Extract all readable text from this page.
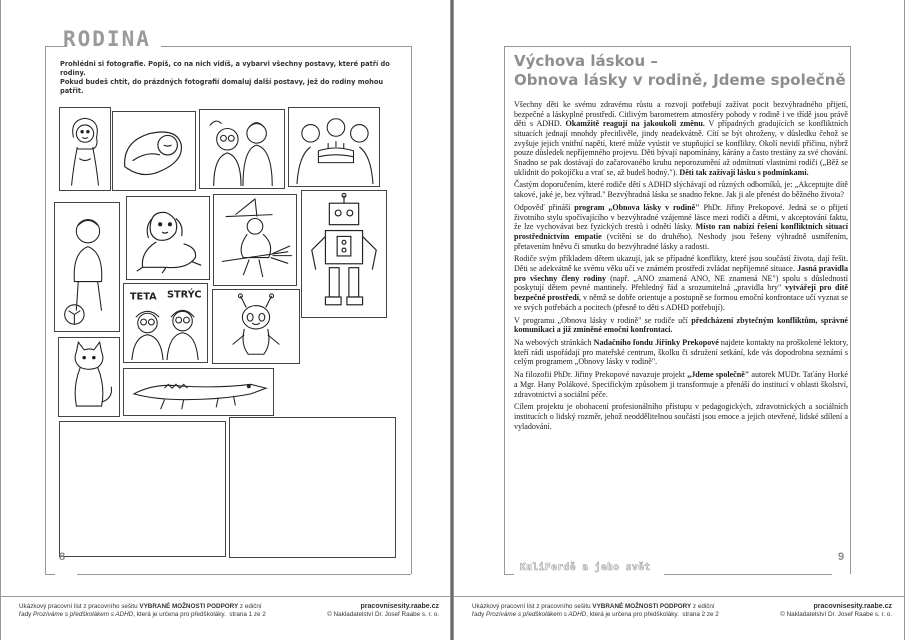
RODINA
Prohlédni si fotografie. Popiš, co na nich vidíš, a vybarvi všechny postavy, které patří do rodiny.
Pokud budeš chtít, do prázdných fotografií domaluj další postavy, jež do rodiny mohou patřit.
TETA STRÝC
8
Ukázkový pracovní list z pracovního sešitu VYBRANÉ MOŽNOSTI PODPORY z ediční
řady Prozíváme s předškolákem s ADHD, která je určena pro předškoláky. strana 1 ze 2
pracovnisesity.raabe.cz
© Nakladatelství Dr. Josef Raabe s. r. o.
Výchova láskou –
Obnova lásky v rodině, Jdeme společně

Všechny děti ke svému zdravému růstu a rozvoji potřebují zažívat pocit bezvýhradného přijetí, bezpečné a láskyplné prostředí. Citlivým barometrem atmosféry pohody v rodině i ve třídě jsou právě děti s ADHD. Okamžitě reagují na jakoukoli změnu. V případných gradujících se konfliktních situacích jednají mnohdy přecitlivěle, jindy neadekvátně. Cítí se být ohroženy, v důsledku čehož se zvyšuje jejich vnitřní napětí, které může vyústit ve stupňující se konflikty. Okolí nevidí příčinu, nýbrž pouze důsledek nepříjemného projevu. Děti bývají napomínány, kárány a často trestány za své chování. Snadno se pak dostávají do začarovaného kruhu neporozumění až odmítnutí vlastními rodiči („Běž se uklidnit do pokojíčku a vrať se, až budeš hodný."). Děti tak zažívají lásku s podmínkami.

Častým doporučením, které rodiče dětí s ADHD slýchávají od různých odborníků, je: „Akceptujte dítě takové, jaké je, bez výhrad." Bezvýhradná láska se snadno řekne. Jak ji ale přenést do běžného života?

Odpověď přináší program „Obnova lásky v rodině" PhDr. Jiřiny Prekopové. Jedná se o přijetí životního stylu spočívajícího v bezvýhradné vzájemné lásce mezi rodiči a dětmi, v akceptování faktu, že lze vychovávat bez fyzických trestů i odnětí lásky. Místo ran nabízí řešení konfliktních situací prostřednictvím empatie (vcítění se do druhého). Neshody jsou řešeny výhradně usmířením, přetavením hněvu či smutku do bezvýhradné lásky a radosti.

Rodiče svým příkladem dětem ukazují, jak se případné konflikty, které jsou součástí života, dají řešit. Děti se adekvátně ke svému věku učí ve známém prostředí zvládat nepříjemné situace. Jasná pravidla pro všechny členy rodiny (např. „ANO znamená ANO, NE znamená NE") spolu s důsledností poskytují dětem pevné mantinely. Přehledný řád a srozumitelná „pravidla hry" vytvářejí pro dítě bezpečné prostředí, v němž se dobře orientuje a postupně se formou emoční konfrontace učí vyznat se ve svých potřebách a pocitech (přesně to děti s ADHD potřebují).

V programu „Obnova lásky v rodině" se rodiče učí předcházení zbytečným konfliktům, správné komunikaci a již zmíněné emoční konfrontaci.

Na webových stránkách Nadačního fondu Jiřinky Prekopové najdete kontakty na proškolené lektory, kteří rádi uspořádají pro mateřské centrum, školku či sdružení setkání, kde vás dopodrobna seznámí s celým programem „Obnovy lásky v rodině".

Na filozofii PhDr. Jiřiny Prekopové navazuje projekt „Jdeme společně" autorek MUDr. Taťány Horké a Mgr. Hany Polákové. Specifickým způsobem ji transformuje a přenáší do institucí v oblasti školství, zdravotnictví a sociální péče.

Cílem projektu je obohacení profesionálního přístupu v pedagogických, zdravotnických a sociálních institucích o lidský rozměr, jehož neoddělitelnou součástí jsou emoce a jejich otevřené, lidské sdílení a vyladování.

KuliFerdě a jeho svět
9
Ukázkový pracovní list z pracovního sešitu VYBRANÉ MOŽNOSTI PODPORY z ediční
řady Prozíváme s předškolákem s ADHD, která je určena pro předškoláky. strana 2 ze 2
pracovnisesity.raabe.cz
© Nakladatelství Dr. Josef Raabe s. r. o.
